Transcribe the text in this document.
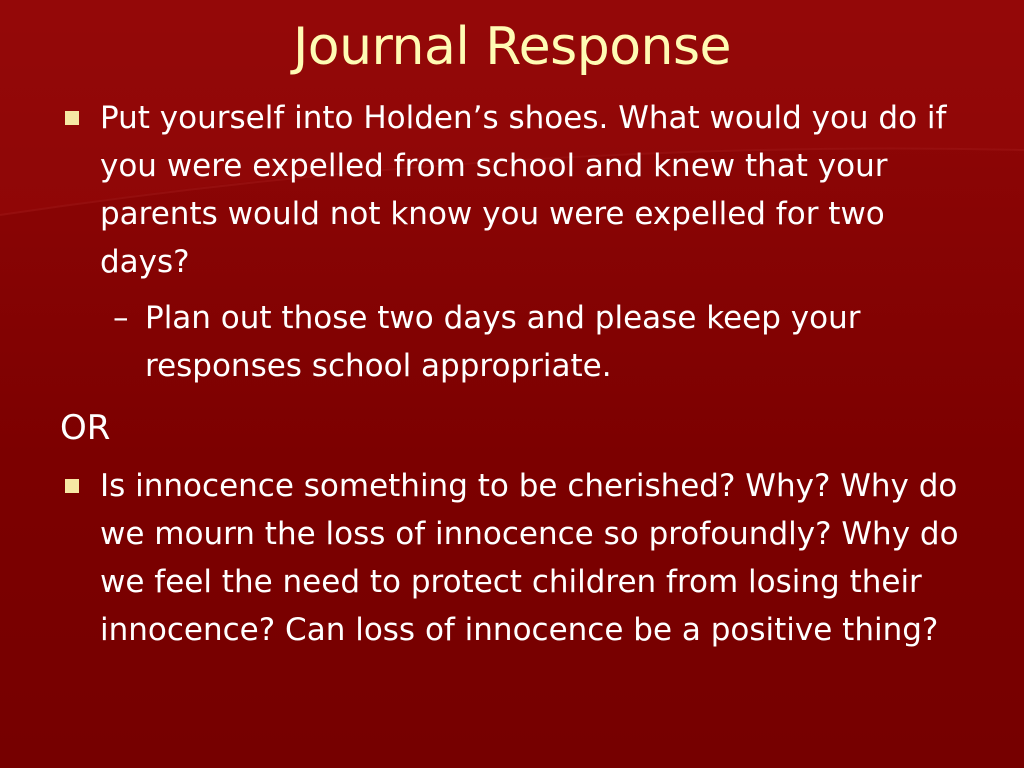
Journal Response
Put yourself into Holden’s shoes. What would you do if you were expelled from school and knew that your parents would not know you were expelled for two days?
– Plan out those two days and please keep your responses school appropriate.
OR
Is innocence something to be cherished? Why? Why do we mourn the loss of innocence so profoundly? Why do we feel the need to protect children from losing their innocence? Can loss of innocence be a positive thing?
